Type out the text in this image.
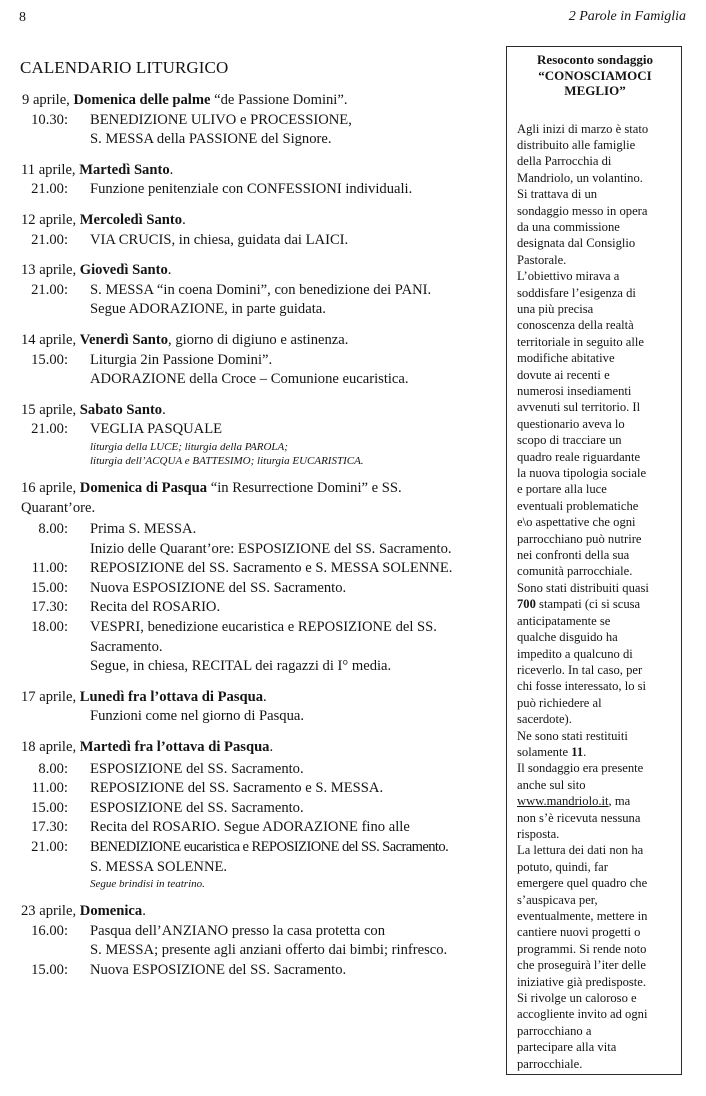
8	2 Parole in Famiglia
CALENDARIO LITURGICO
9 aprile, Domenica delle palme “de Passione Domini”.
10.30: BENEDIZIONE ULIVO e PROCESSIONE,
S. MESSA della PASSIONE del Signore.
11 aprile, Martedì Santo.
21.00: Funzione penitenziale con CONFESSIONI individuali.
12 aprile, Mercoledì Santo.
21.00: VIA CRUCIS, in chiesa, guidata dai LAICI.
13 aprile, Giovedì Santo.
21.00: S. MESSA “in coena Domini”, con benedizione dei PANI.
Segue ADORAZIONE, in parte guidata.
14 aprile, Venerdì Santo, giorno di digiuno e astinenza.
15.00: Liturgia 2in Passione Domini”.
ADORAZIONE della Croce – Comunione eucaristica.
15 aprile, Sabato Santo.
21.00: VEGLIA PASQUALE
liturgia della LUCE; liturgia della PAROLA;
liturgia dell’ACQUA e BATTESIMO; liturgia EUCARISTICA.
16 aprile, Domenica di Pasqua “in Resurrectione Domini” e SS.
Quarant’ore.
8.00: Prima S. MESSA.
Inizio delle Quarant’ore: ESPOSIZIONE del SS. Sacramento.
11.00: REPOSIZIONE del SS. Sacramento e S. MESSA SOLENNE.
15.00: Nuova ESPOSIZIONE del SS. Sacramento.
17.30: Recita del ROSARIO.
18.00: VESPRI, benedizione eucaristica e REPOSIZIONE del SS.
Sacramento.
Segue, in chiesa, RECITAL dei ragazzi di I° media.
17 aprile, Lunedì fra l’ottava di Pasqua.
Funzioni come nel giorno di Pasqua.
18 aprile, Martedì fra l’ottava di Pasqua.
8.00: ESPOSIZIONE del SS. Sacramento.
11.00: REPOSIZIONE del SS. Sacramento e S. MESSA.
15.00: ESPOSIZIONE del SS. Sacramento.
17.30: Recita del ROSARIO. Segue ADORAZIONE fino alle
21.00: BENEDIZIONE eucaristica e REPOSIZIONE del SS. Sacramento.
S. MESSA SOLENNE.
Segue brindisi in teatrino.
23 aprile, Domenica.
16.00: Pasqua dell’ANZIANO presso la casa protetta con
S. MESSA; presente agli anziani offerto dai bimbi; rinfresco.
15.00: Nuova ESPOSIZIONE del SS. Sacramento.
Resoconto sondaggio
“CONOSCIAMOCI
MEGLIO”
Agli inizi di marzo è stato
distribuito alle famiglie
della Parrocchia di
Mandriolo, un volantino.
Si trattava di un
sondaggio messo in opera
da una commissione
designata dal Consiglio
Pastorale.
L’obiettivo mirava a
soddisfare l’esigenza di
una più precisa
conoscenza della realtà
territoriale in seguito alle
modifiche abitative
dovute ai recenti e
numerosi insediamenti
avvenuti sul territorio. Il
questionario aveva lo
scopo di tracciare un
quadro reale riguardante
la nuova tipologia sociale
e portare alla luce
eventuali problematiche
e\o aspettative che ogni
parrocchiano può nutrire
nei confronti della sua
comunità parrocchiale.
Sono stati distribuiti quasi
700 stampati (ci si scusa
anticipatamente se
qualche disguido ha
impedito a qualcuno di
riceverlo. In tal caso, per
chi fosse interessato, lo si
può richiedere al
sacerdote).
Ne sono stati restituiti
solamente 11.
Il sondaggio era presente
anche sul sito
www.mandriolo.it, ma
non s’è ricevuta nessuna
risposta.
La lettura dei dati non ha
potuto, quindi, far
emergere quel quadro che
s’auspicava per,
eventualmente, mettere in
cantiere nuovi progetti o
programmi. Si rende noto
che proseguirà l’iter delle
iniziative già predisposte.
Si rivolge un caloroso e
accogliente invito ad ogni
parrocchiano a
partecipare alla vita
parrocchiale.
